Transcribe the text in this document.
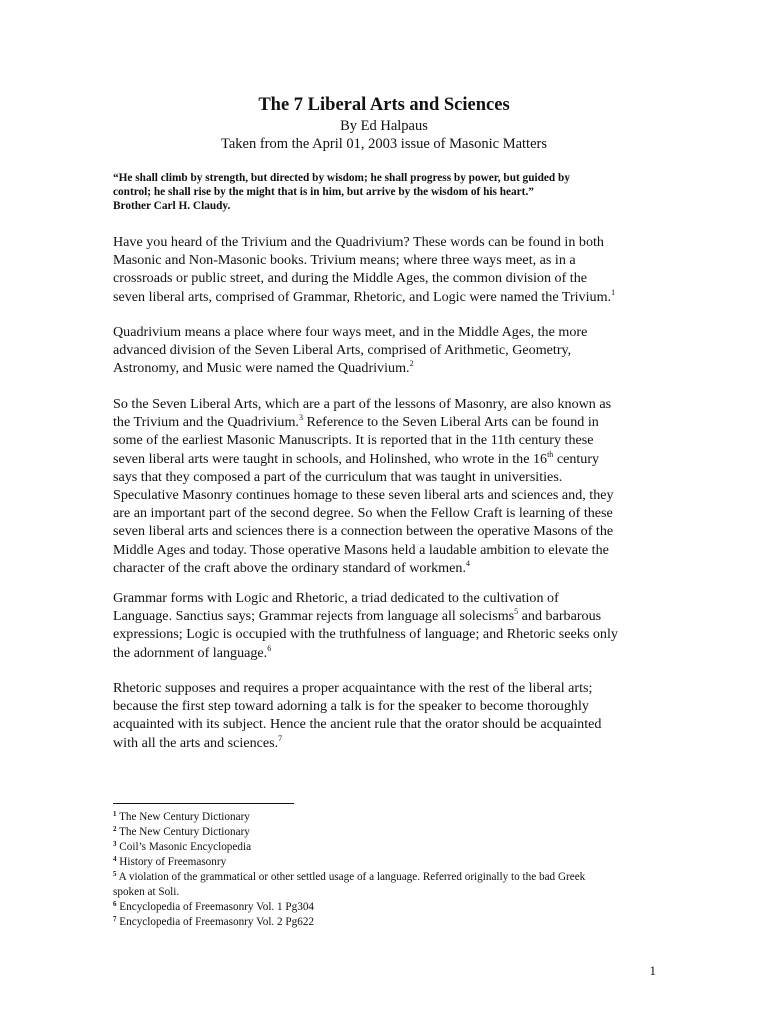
The 7 Liberal Arts and Sciences
By Ed Halpaus
Taken from the April 01, 2003 issue of Masonic Matters
“He shall climb by strength, but directed by wisdom; he shall progress by power, but guided by
control; he shall rise by the might that is in him, but arrive by the wisdom of his heart.”
Brother Carl H. Claudy.
Have you heard of the Trivium and the Quadrivium? These words can be found in both
Masonic and Non-Masonic books. Trivium means; where three ways meet, as in a
crossroads or public street, and during the Middle Ages, the common division of the
seven liberal arts, comprised of Grammar, Rhetoric, and Logic were named the Trivium.$^1$
Quadrivium means a place where four ways meet, and in the Middle Ages, the more
advanced division of the Seven Liberal Arts, comprised of Arithmetic, Geometry,
Astronomy, and Music were named the Quadrivium.$^2$
So the Seven Liberal Arts, which are a part of the lessons of Masonry, are also known as
the Trivium and the Quadrivium.$^3$ Reference to the Seven Liberal Arts can be found in
some of the earliest Masonic Manuscripts. It is reported that in the 11th century these
seven liberal arts were taught in schools, and Holinshed, who wrote in the 16th century
says that they composed a part of the curriculum that was taught in universities.
Speculative Masonry continues homage to these seven liberal arts and sciences and, they
are an important part of the second degree. So when the Fellow Craft is learning of these
seven liberal arts and sciences there is a connection between the operative Masons of the
Middle Ages and today. Those operative Masons held a laudable ambition to elevate the
character of the craft above the ordinary standard of workmen.$^4$
Grammar forms with Logic and Rhetoric, a triad dedicated to the cultivation of
Language. Sanctius says; Grammar rejects from language all solecisms$^5$ and barbarous
expressions; Logic is occupied with the truthfulness of language; and Rhetoric seeks only
the adornment of language.$^6$
Rhetoric supposes and requires a proper acquaintance with the rest of the liberal arts;
because the first step toward adorning a talk is for the speaker to become thoroughly
acquainted with its subject. Hence the ancient rule that the orator should be acquainted
with all the arts and sciences.$^7$
$^1$ The New Century Dictionary
$^2$ The New Century Dictionary
$^3$ Coil’s Masonic Encyclopedia
$^4$ History of Freemasonry
$^5$ A violation of the grammatical or other settled usage of a language. Referred originally to the bad Greek
spoken at Soli.
$^6$ Encyclopedia of Freemasonry Vol. 1 Pg304
$^7$ Encyclopedia of Freemasonry Vol. 2 Pg622
1
